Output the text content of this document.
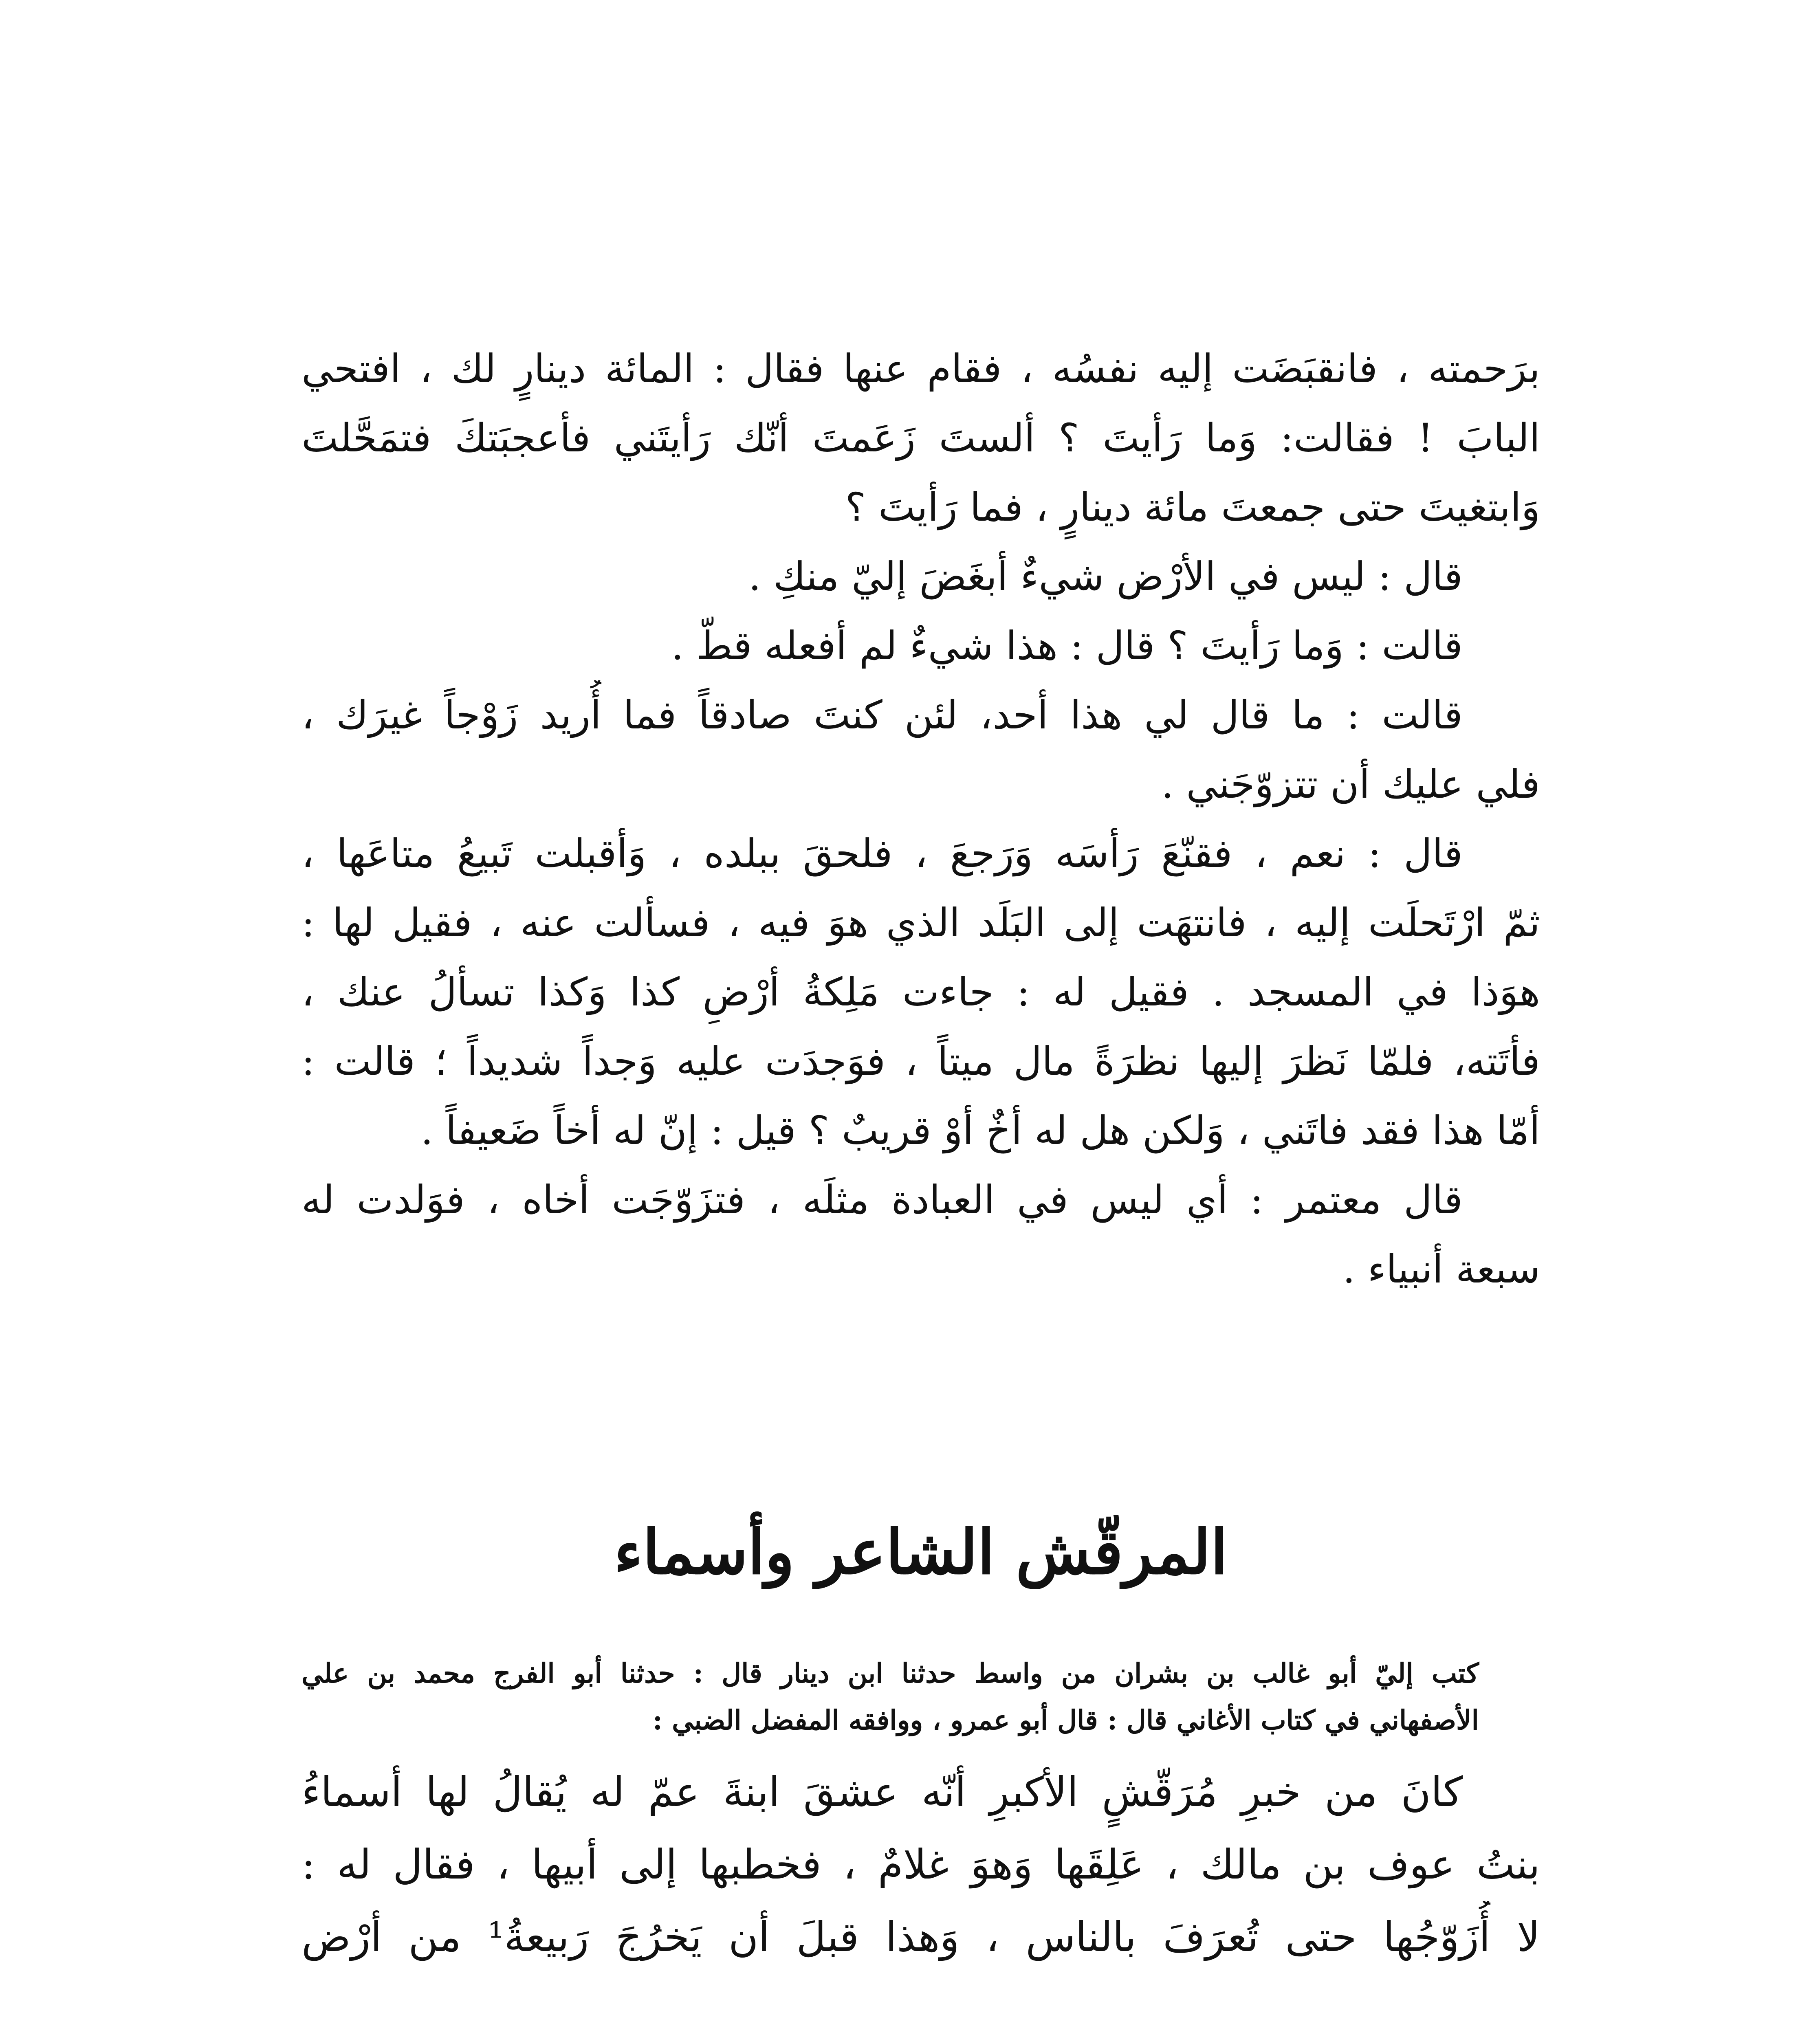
برَحمته ، فانقبَضَت إليه نفسُه ، فقام عنها فقال : المائة دينارٍ لك ، افتحي
البابَ ! فقالت: وَما رَأيتَ ؟ ألستَ زَعَمتَ أنّك رَأيتَني فأعجبَتكَ فتمَحَّلتَ
وَابتغيتَ حتى جمعتَ مائة دينارٍ ، فما رَأيتَ ؟
قال : ليس في الأرْض شيءٌ أبغَضَ إليّ منكِ .
قالت : وَما رَأيتَ ؟ قال : هذا شيءٌ لم أفعله قطّ .
قالت : ما قال لي هذا أحد، لئن كنتَ صادقاً فما أُريد زَوْجاً غيرَك ،
فلي عليك أن تتزوّجَني .
قال : نعم ، فقنّعَ رَأسَه وَرَجعَ ، فلحقَ ببلده ، وَأقبلت تَبيعُ متاعَها ،
ثمّ ارْتَحلَت إليه ، فانتهَت إلى البَلَد الذي هوَ فيه ، فسألت عنه ، فقيل لها :
هوَذا في المسجد . فقيل له : جاءت مَلِكةُ أرْضِ كذا وَكذا تسألُ عنك ،
فأتَته، فلمّا نَظرَ إليها نظرَةً مال ميتاً ، فوَجدَت عليه وَجداً شديداً ؛ قالت :
أمّا هذا فقد فاتَني ، وَلكن هل له أخٌ أوْ قريبٌ ؟ قيل : إنّ له أخاً ضَعيفاً .
قال معتمر : أي ليس في العبادة مثلَه ، فتزَوّجَت أخاه ، فوَلدت له
سبعة أنبياء .
المرقّش الشاعر وأسماء
كتب إليّ أبو غالب بن بشران من واسط حدثنا ابن دينار قال : حدثنا أبو الفرج محمد بن علي
الأصفهاني في كتاب الأغاني قال : قال أبو عمرو ، ووافقه المفضل الضبي :
كانَ من خبرِ مُرَقّشٍ الأكبرِ أنّه عشقَ ابنةَ عمّ له يُقالُ لها أسماءُ
بنتُ عوف بن مالك ، عَلِقَها وَهوَ غلامٌ ، فخطبها إلى أبيها ، فقال له :
لا أُزَوّجُها حتى تُعرَفَ بالناس ، وَهذا قبلَ أن يَخرُجَ رَبيعةُ¹ من أرْض
